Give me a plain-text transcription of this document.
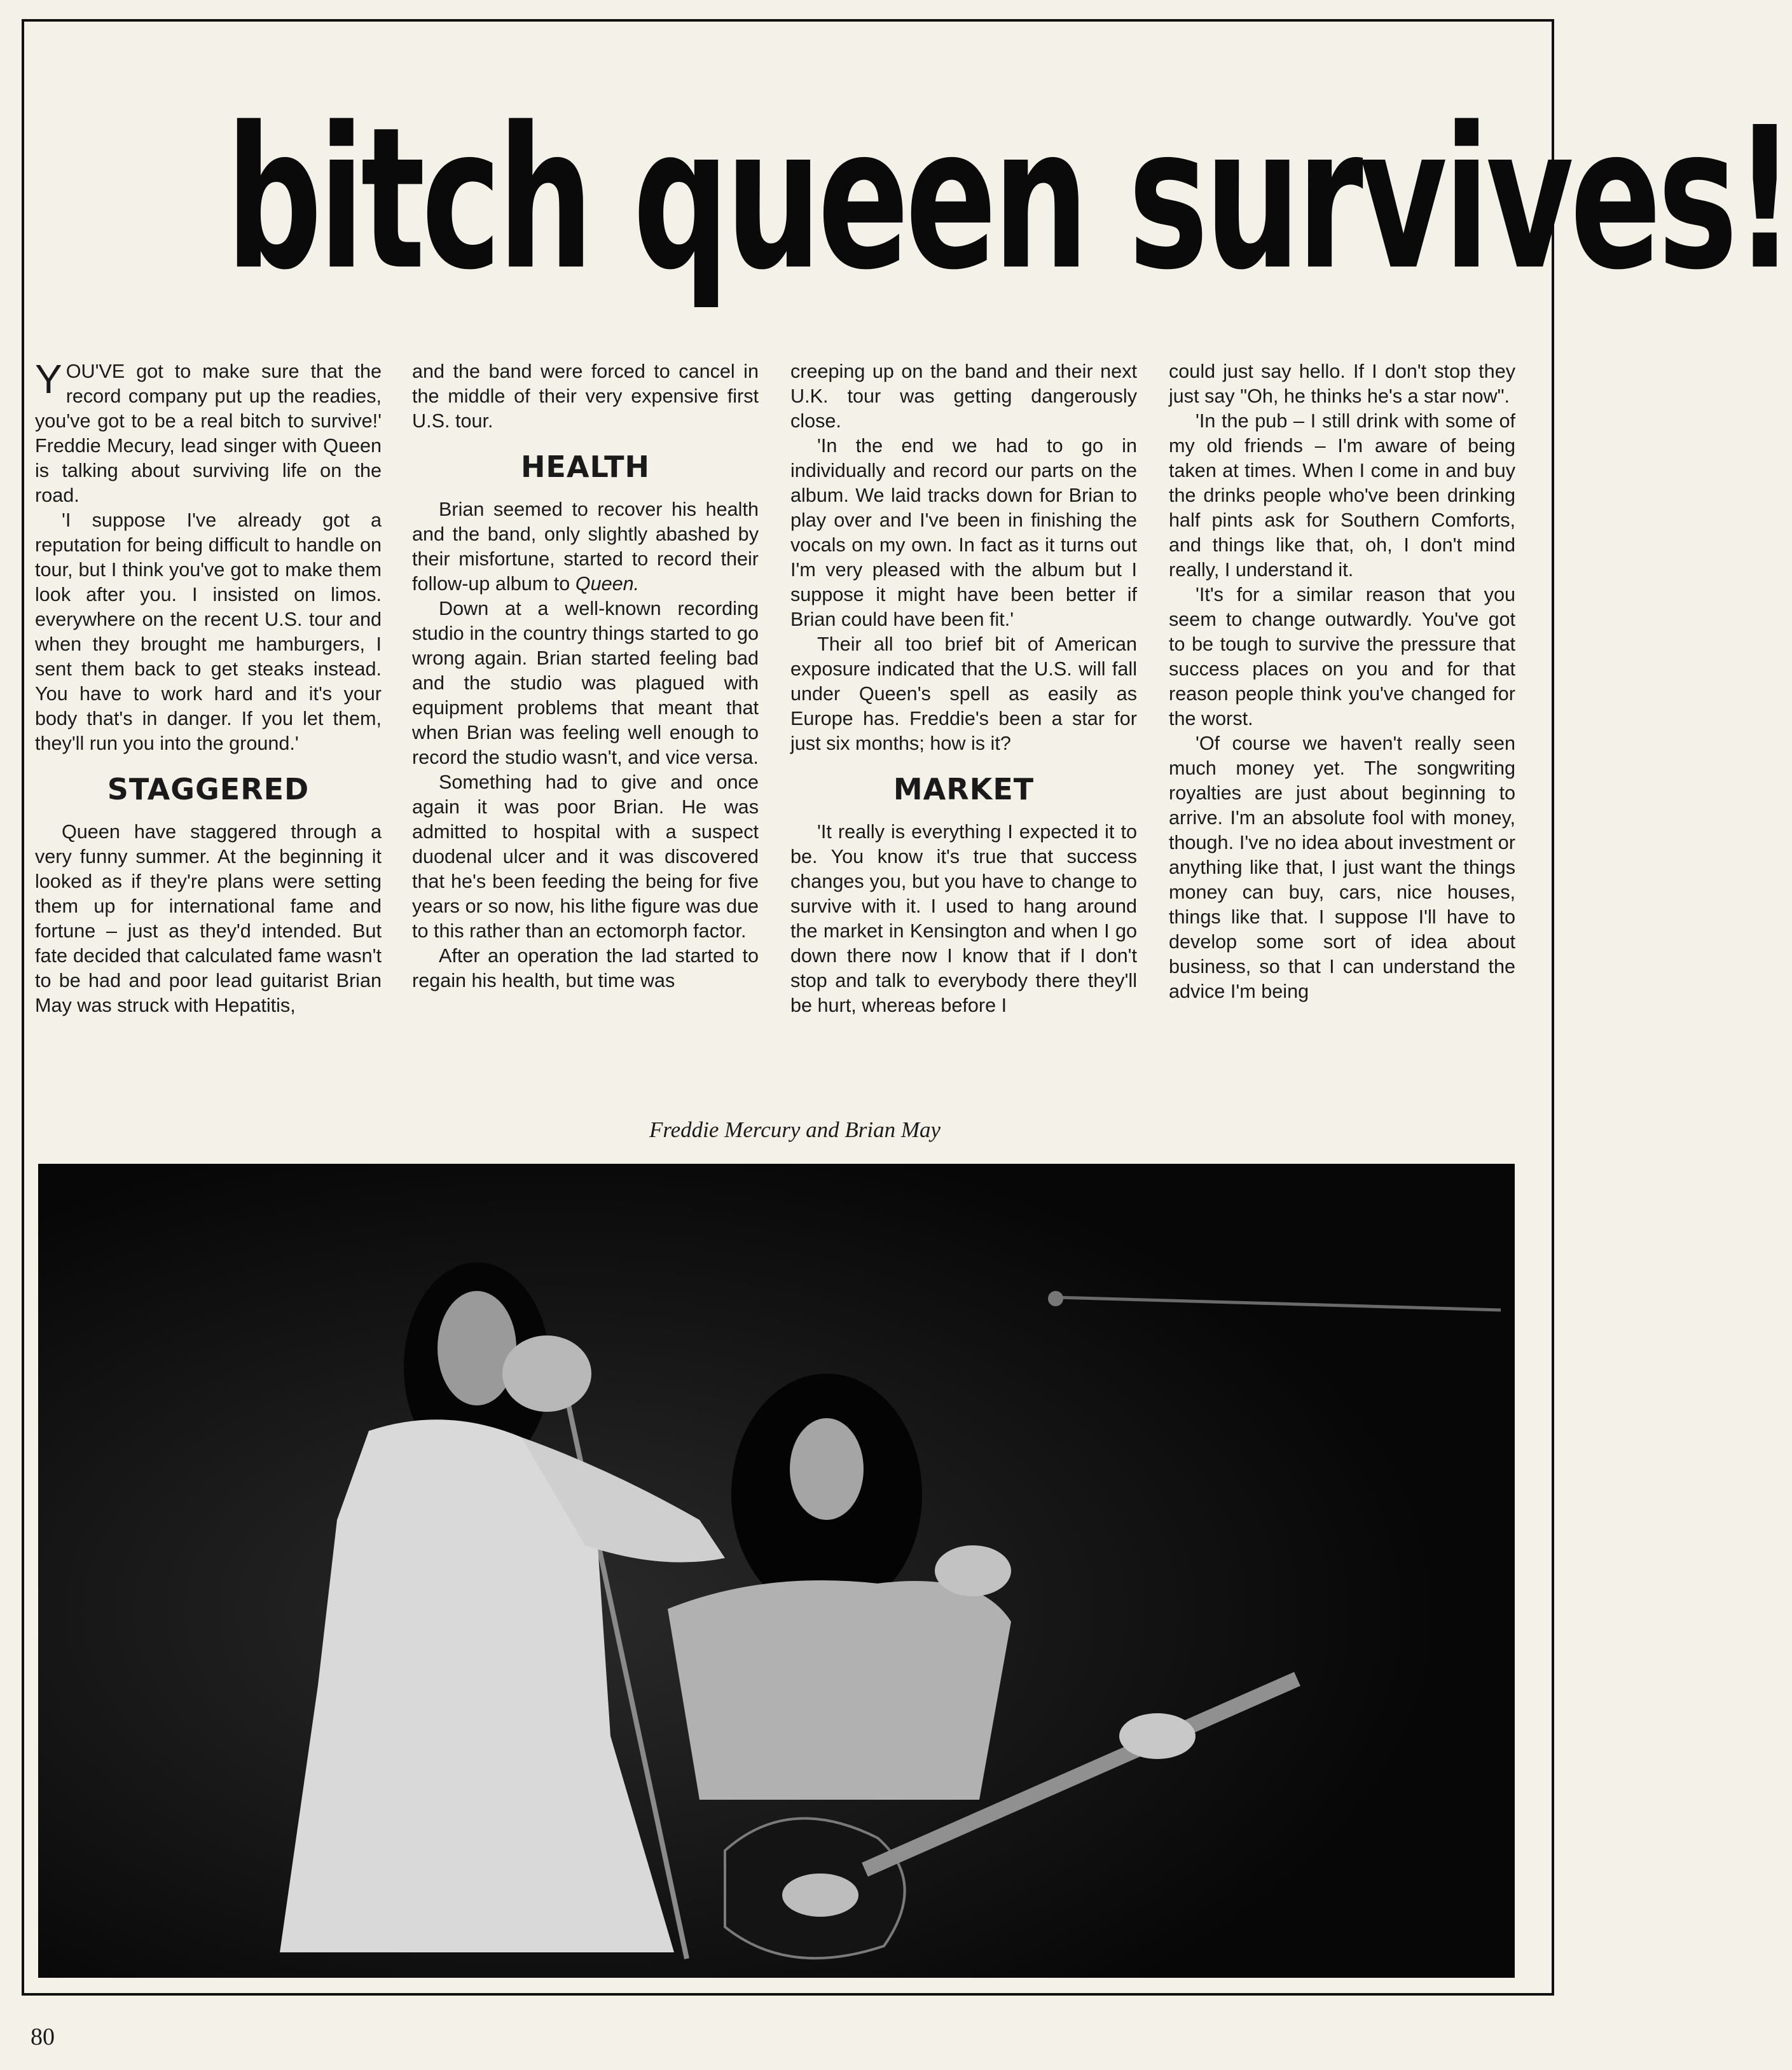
bitch queen survives!

YOU'VE got to make sure that the record company put up the readies, you've got to be a real bitch to survive!' Freddie Mecury, lead singer with Queen is talking about surviving life on the road.

'I suppose I've already got a reputation for being difficult to handle on tour, but I think you've got to make them look after you. I insisted on limos. everywhere on the recent U.S. tour and when they brought me hamburgers, I sent them back to get steaks instead. You have to work hard and it's your body that's in danger. If you let them, they'll run you into the ground.'

STAGGERED

Queen have staggered through a very funny summer. At the beginning it looked as if they're plans were setting them up for international fame and fortune – just as they'd intended. But fate decided that calculated fame wasn't to be had and poor lead guitarist Brian May was struck with Hepatitis,

and the band were forced to cancel in the middle of their very expensive first U.S. tour.

HEALTH

Brian seemed to recover his health and the band, only slightly abashed by their misfortune, started to record their follow-up album to Queen.

Down at a well-known recording studio in the country things started to go wrong again. Brian started feeling bad and the studio was plagued with equipment problems that meant that when Brian was feeling well enough to record the studio wasn't, and vice versa.

Something had to give and once again it was poor Brian. He was admitted to hospital with a suspect duodenal ulcer and it was discovered that he's been feeding the being for five years or so now, his lithe figure was due to this rather than an ectomorph factor.

After an operation the lad started to regain his health, but time was

creeping up on the band and their next U.K. tour was getting dangerously close.

'In the end we had to go in individually and record our parts on the album. We laid tracks down for Brian to play over and I've been in finishing the vocals on my own. In fact as it turns out I'm very pleased with the album but I suppose it might have been better if Brian could have been fit.'

Their all too brief bit of American exposure indicated that the U.S. will fall under Queen's spell as easily as Europe has. Freddie's been a star for just six months; how is it?

MARKET

'It really is everything I expected it to be. You know it's true that success changes you, but you have to change to survive with it. I used to hang around the market in Kensington and when I go down there now I know that if I don't stop and talk to everybody there they'll be hurt, whereas before I

could just say hello. If I don't stop they just say "Oh, he thinks he's a star now".

'In the pub – I still drink with some of my old friends – I'm aware of being taken at times. When I come in and buy the drinks people who've been drinking half pints ask for Southern Comforts, and things like that, oh, I don't mind really, I understand it.

'It's for a similar reason that you seem to change outwardly. You've got to be tough to survive the pressure that success places on you and for that reason people think you've changed for the worst.

'Of course we haven't really seen much money yet. The songwriting royalties are just about beginning to arrive. I'm an absolute fool with money, though. I've no idea about investment or anything like that, I just want the things money can buy, cars, nice houses, things like that. I suppose I'll have to develop some sort of idea about business, so that I can understand the advice I'm being

Freddie Mercury and Brian May

80
